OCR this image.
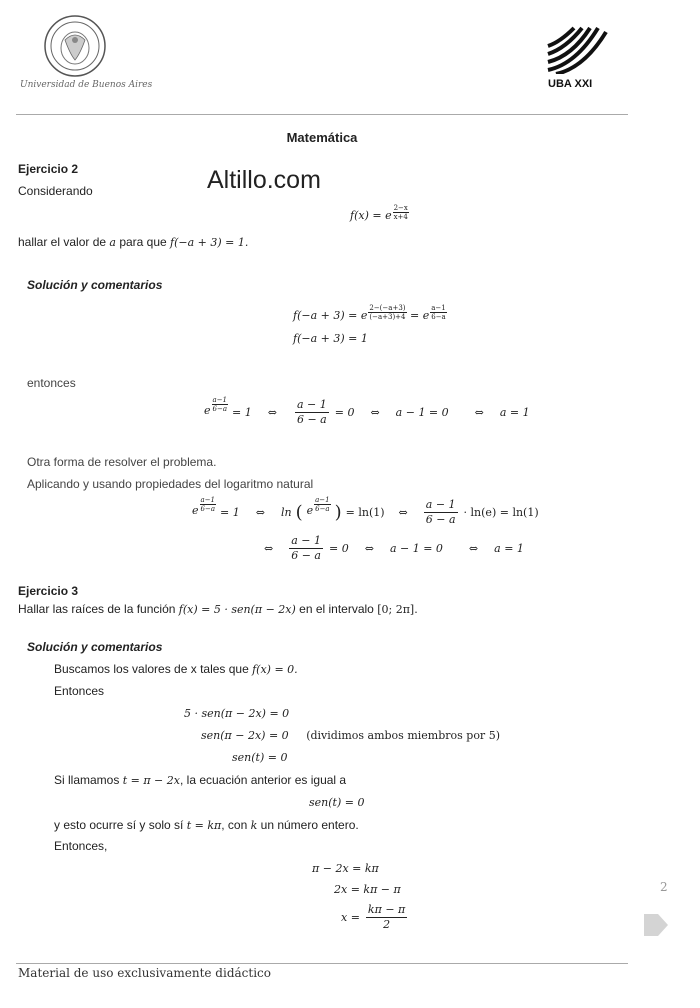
Universidad de Buenos Aires	UBA XXI
Matemática
Ejercicio 2
Considerando	Altillo.com
f(x) = e $\frac{2-x}{x+4}$
hallar el valor de a para que f(−a + 3) = 1.
Solución y comentarios
f(−a + 3) = e $\frac{2-(-a+3)}{(-a+3)+4} = e \frac{a-1}{6-a}$
f(−a + 3) = 1
entonces
e $\frac{a-1}{6-a} = 1$ ⇔ $\frac{a - 1}{6 - a} = 0$ ⇔ a − 1 = 0 ⇔ a = 1
Otra forma de resolver el problema.
Aplicando y usando propiedades del logaritmo natural
e $\frac{a-1}{6-a} = 1$ ⇔ ln ( e $\frac{a-1}{6-a}$ ) = ln(1) ⇔ $\frac{a - 1}{6 - a} \cdot \ln(e) = \ln(1)$
⇔ $\frac{a - 1}{6 - a} = 0$ ⇔ a − 1 = 0 ⇔ a = 1
Ejercicio 3
Hallar las raíces de la función f(x) = 5 · sen(π − 2x) en el intervalo [0; 2π].
Solución y comentarios
Buscamos los valores de x tales que f(x) = 0.
Entonces
5 · sen(π − 2x) = 0
sen(π − 2x) = 0 (dividimos ambos miembros por 5)
sen(t) = 0
Si llamamos t = π − 2x, la ecuación anterior es igual a
sen(t) = 0
y esto ocurre sí y solo sí t = kπ, con k un número entero.
Entonces,
π − 2x = kπ
2x = kπ − π
$x = \frac{k\pi - \pi}{2}$
2
Material de uso exclusivamente didáctico
